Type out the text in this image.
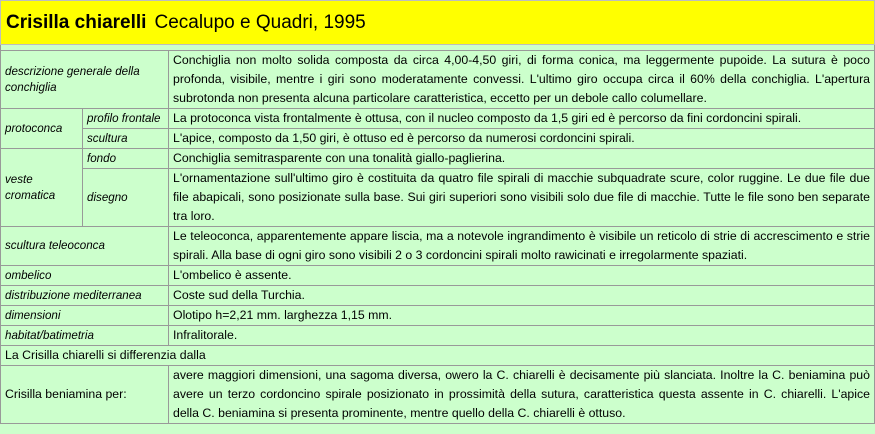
Crisilla chiarelli Cecalupo e Quadri, 1995		

descrizione generale della conchiglia		Conchiglia non molto solida composta da circa 4,00-4,50 giri, di forma conica, ma leggermente pupoide. La sutura è poco profonda, visibile, mentre i giri sono moderatamente convessi. L'ultimo giro occupa circa il 60% della conchiglia. L'apertura subrotonda non presenta alcuna particolare caratteristica, eccetto per un debole callo columellare.
protoconca	profilo frontale	La protoconca vista frontalmente è ottusa, con il nucleo composto da 1,5 giri ed è percorso da fini cordoncini spirali.
	scultura	L'apice, composto da 1,50 giri, è ottuso ed è percorso da numerosi cordoncini spirali.
veste cromatica	fondo	Conchiglia semitrasparente con una tonalità giallo-paglierina.
	disegno	L'ornamentazione sull'ultimo giro è costituita da quatro file spirali di macchie subquadrate scure, color ruggine. Le due file due file abapicali, sono posizionate sulla base. Sui giri superiori sono visibili solo due file di macchie. Tutte le file sono ben separate tra loro.
scultura teleoconca		Le teleoconca, apparentemente appare liscia, ma a notevole ingrandimento è visibile un reticolo di strie di accrescimento e strie spirali. Alla base di ogni giro sono visibili 2 o 3 cordoncini spirali molto rawicinati e irregolarmente spaziati.
ombelico		L'ombelico è assente.
distribuzione mediterranea		Coste sud della Turchia.
dimensioni		Olotipo h=2,21 mm. larghezza 1,15 mm.
habitat/batimetria		Infralitorale.
La Crisilla chiarelli si differenzia dalla		
Crisilla beniamina per:		avere maggiori dimensioni, una sagoma diversa, owero la C. chiarelli è decisamente più slanciata. Inoltre la C. beniamina può avere un terzo cordoncino spirale posizionato in prossimità della sutura, caratteristica questa assente in C. chiarelli. L'apice della C. beniamina si presenta prominente, mentre quello della C. chiarelli è ottuso.
